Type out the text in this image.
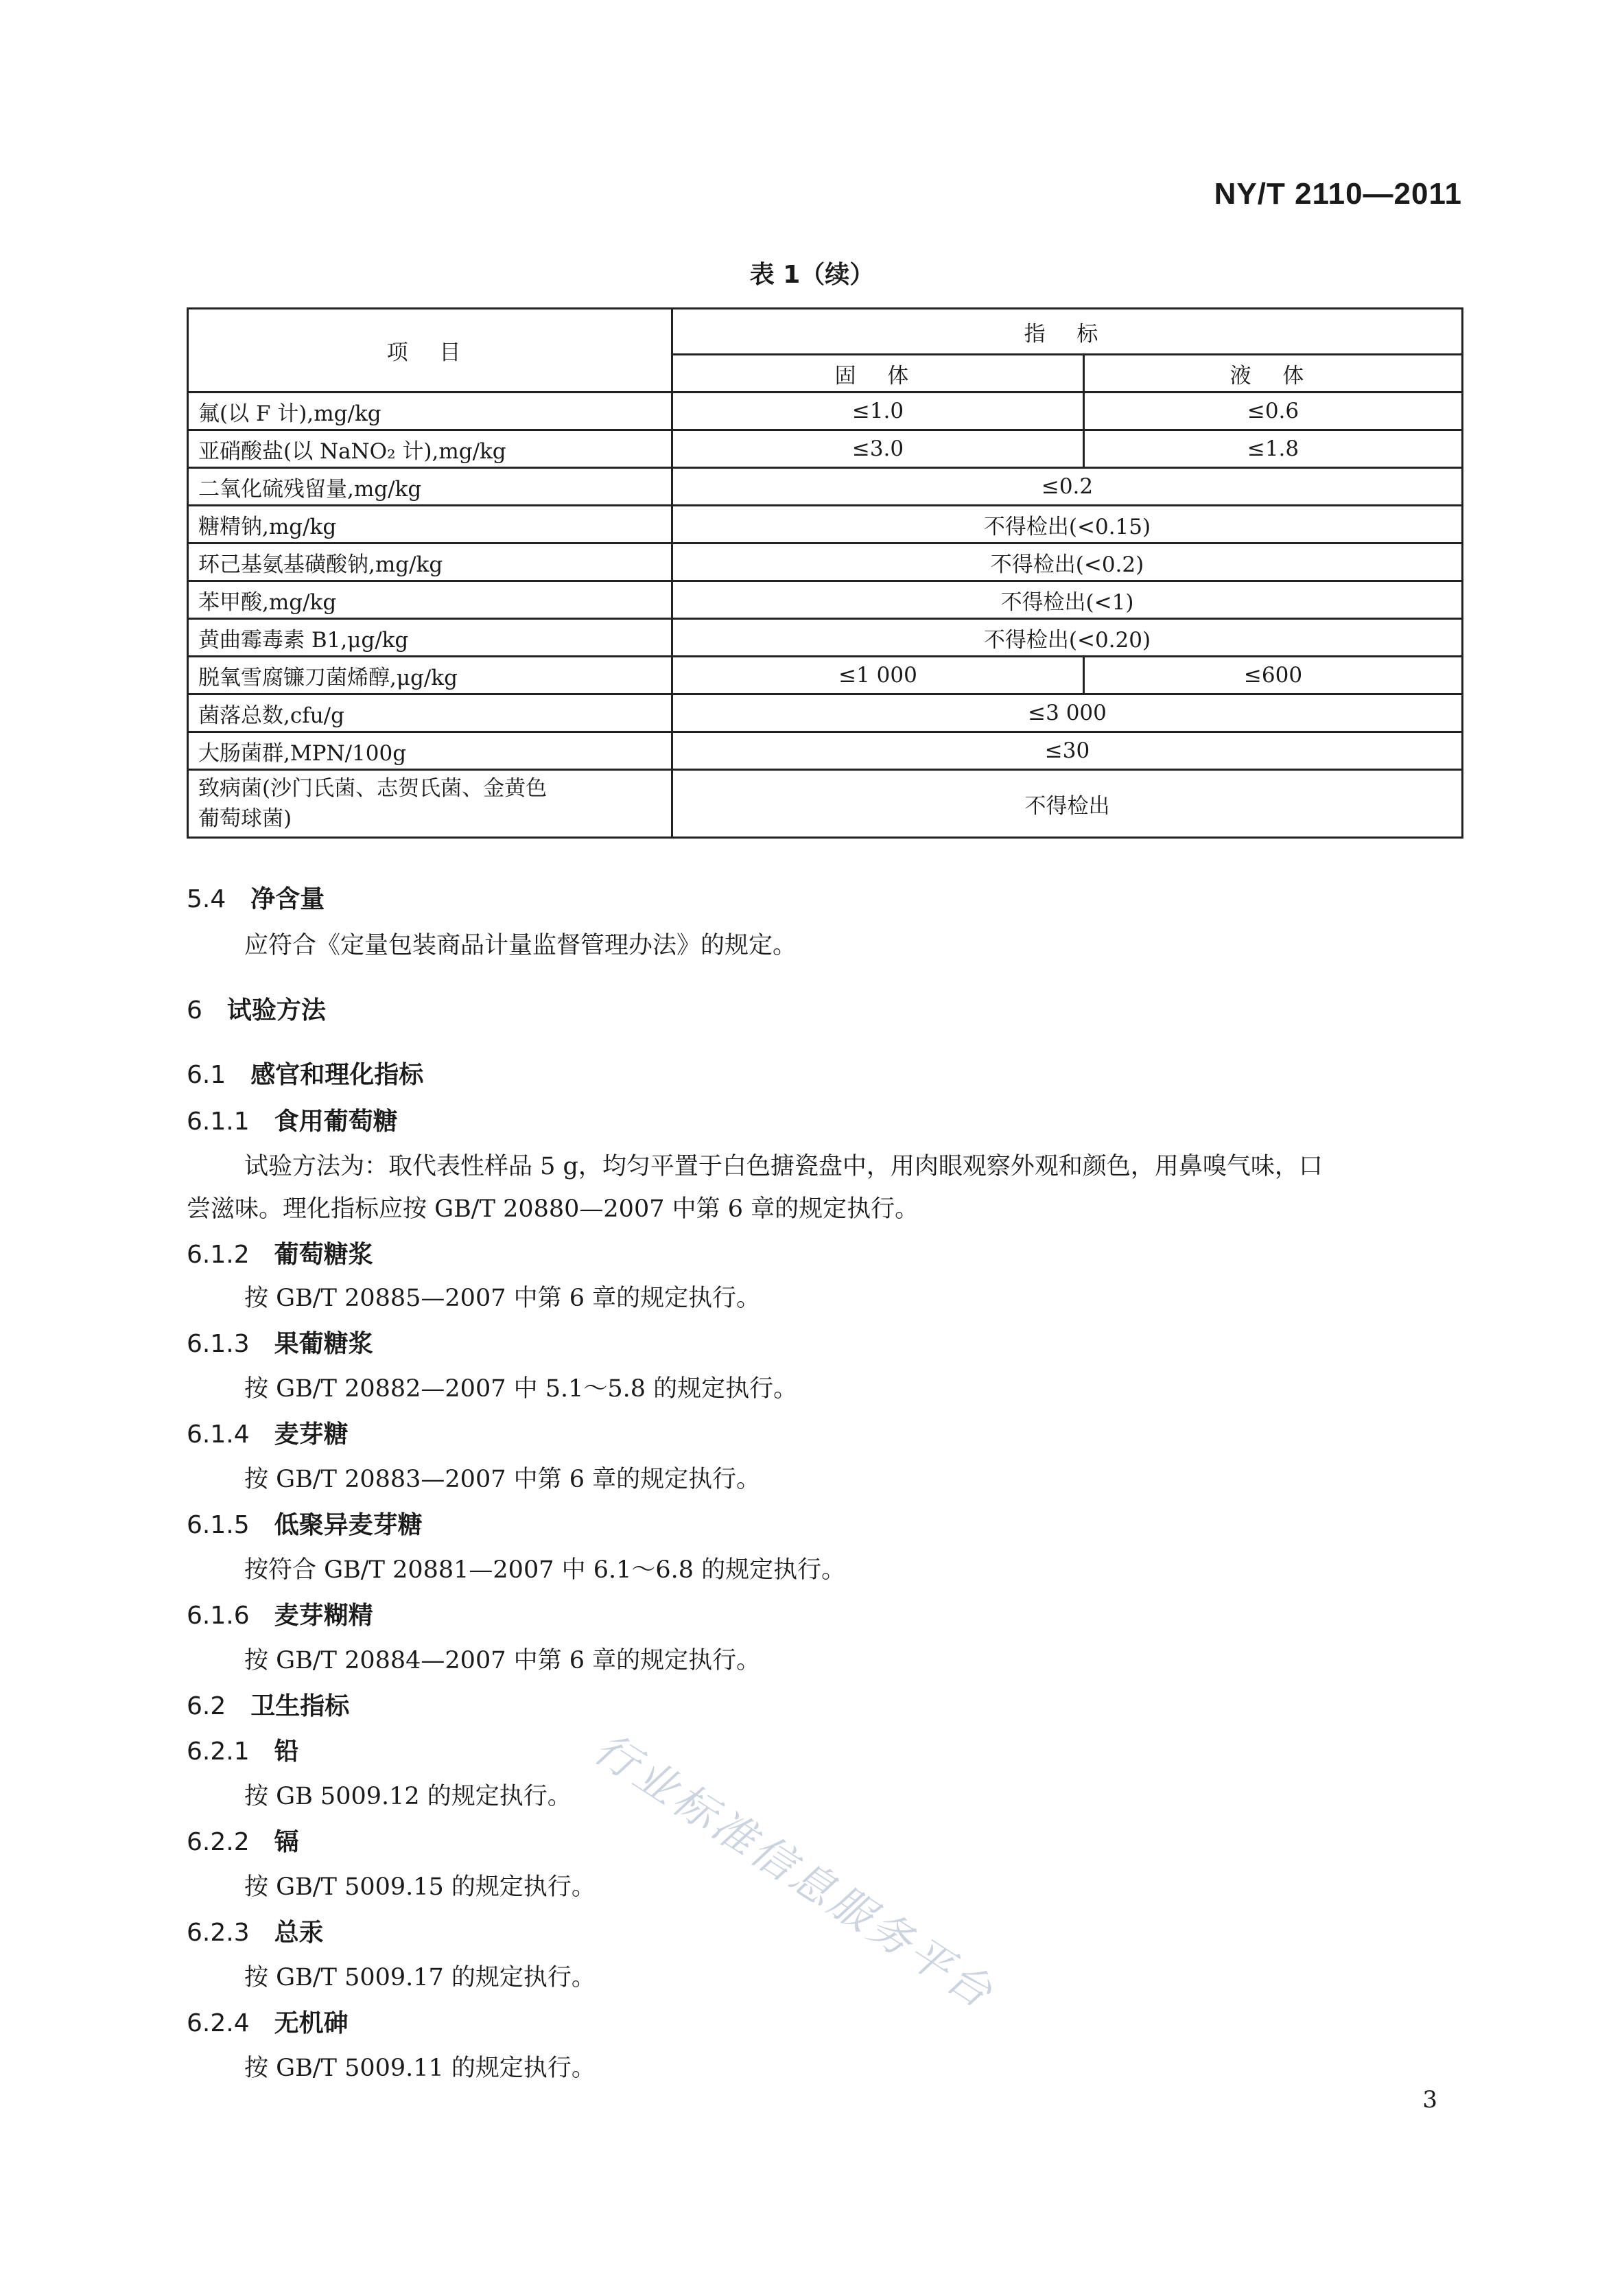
NY/T 2110—2011
表 1（续）
项 目	指 标	
	固 体	液 体
氟(以 F 计),mg/kg	≤1.0	≤0.6
亚硝酸盐(以 NaNO₂ 计),mg/kg	≤3.0	≤1.8
二氧化硫残留量,mg/kg	≤0.2	
糖精钠,mg/kg	不得检出(<0.15)	
环己基氨基磺酸钠,mg/kg	不得检出(<0.2)	
苯甲酸,mg/kg	不得检出(<1)	
黄曲霉毒素 B1,μg/kg	不得检出(<0.20)	
脱氧雪腐镰刀菌烯醇,μg/kg	≤1 000	≤600
菌落总数,cfu/g	≤3 000	
大肠菌群,MPN/100g	≤30	

致病菌(沙门氏菌、志贺氏菌、金黄色
葡萄球菌)	不得检出	
5.4 净含量
应符合《定量包装商品计量监督管理办法》的规定。
6 试验方法
6.1 感官和理化指标
6.1.1 食用葡萄糖
试验方法为：取代表性样品 5 g，均匀平置于白色搪瓷盘中，用肉眼观察外观和颜色，用鼻嗅气味，口
尝滋味。理化指标应按 GB/T 20880—2007 中第 6 章的规定执行。
6.1.2 葡萄糖浆
按 GB/T 20885—2007 中第 6 章的规定执行。
6.1.3 果葡糖浆
按 GB/T 20882—2007 中 5.1～5.8 的规定执行。
6.1.4 麦芽糖
按 GB/T 20883—2007 中第 6 章的规定执行。
6.1.5 低聚异麦芽糖
按符合 GB/T 20881—2007 中 6.1～6.8 的规定执行。
6.1.6 麦芽糊精
按 GB/T 20884—2007 中第 6 章的规定执行。
6.2 卫生指标
6.2.1 铅
按 GB 5009.12 的规定执行。
6.2.2 镉
按 GB/T 5009.15 的规定执行。
6.2.3 总汞
按 GB/T 5009.17 的规定执行。
6.2.4 无机砷
按 GB/T 5009.11 的规定执行。
行业标准信息服务平台
3
